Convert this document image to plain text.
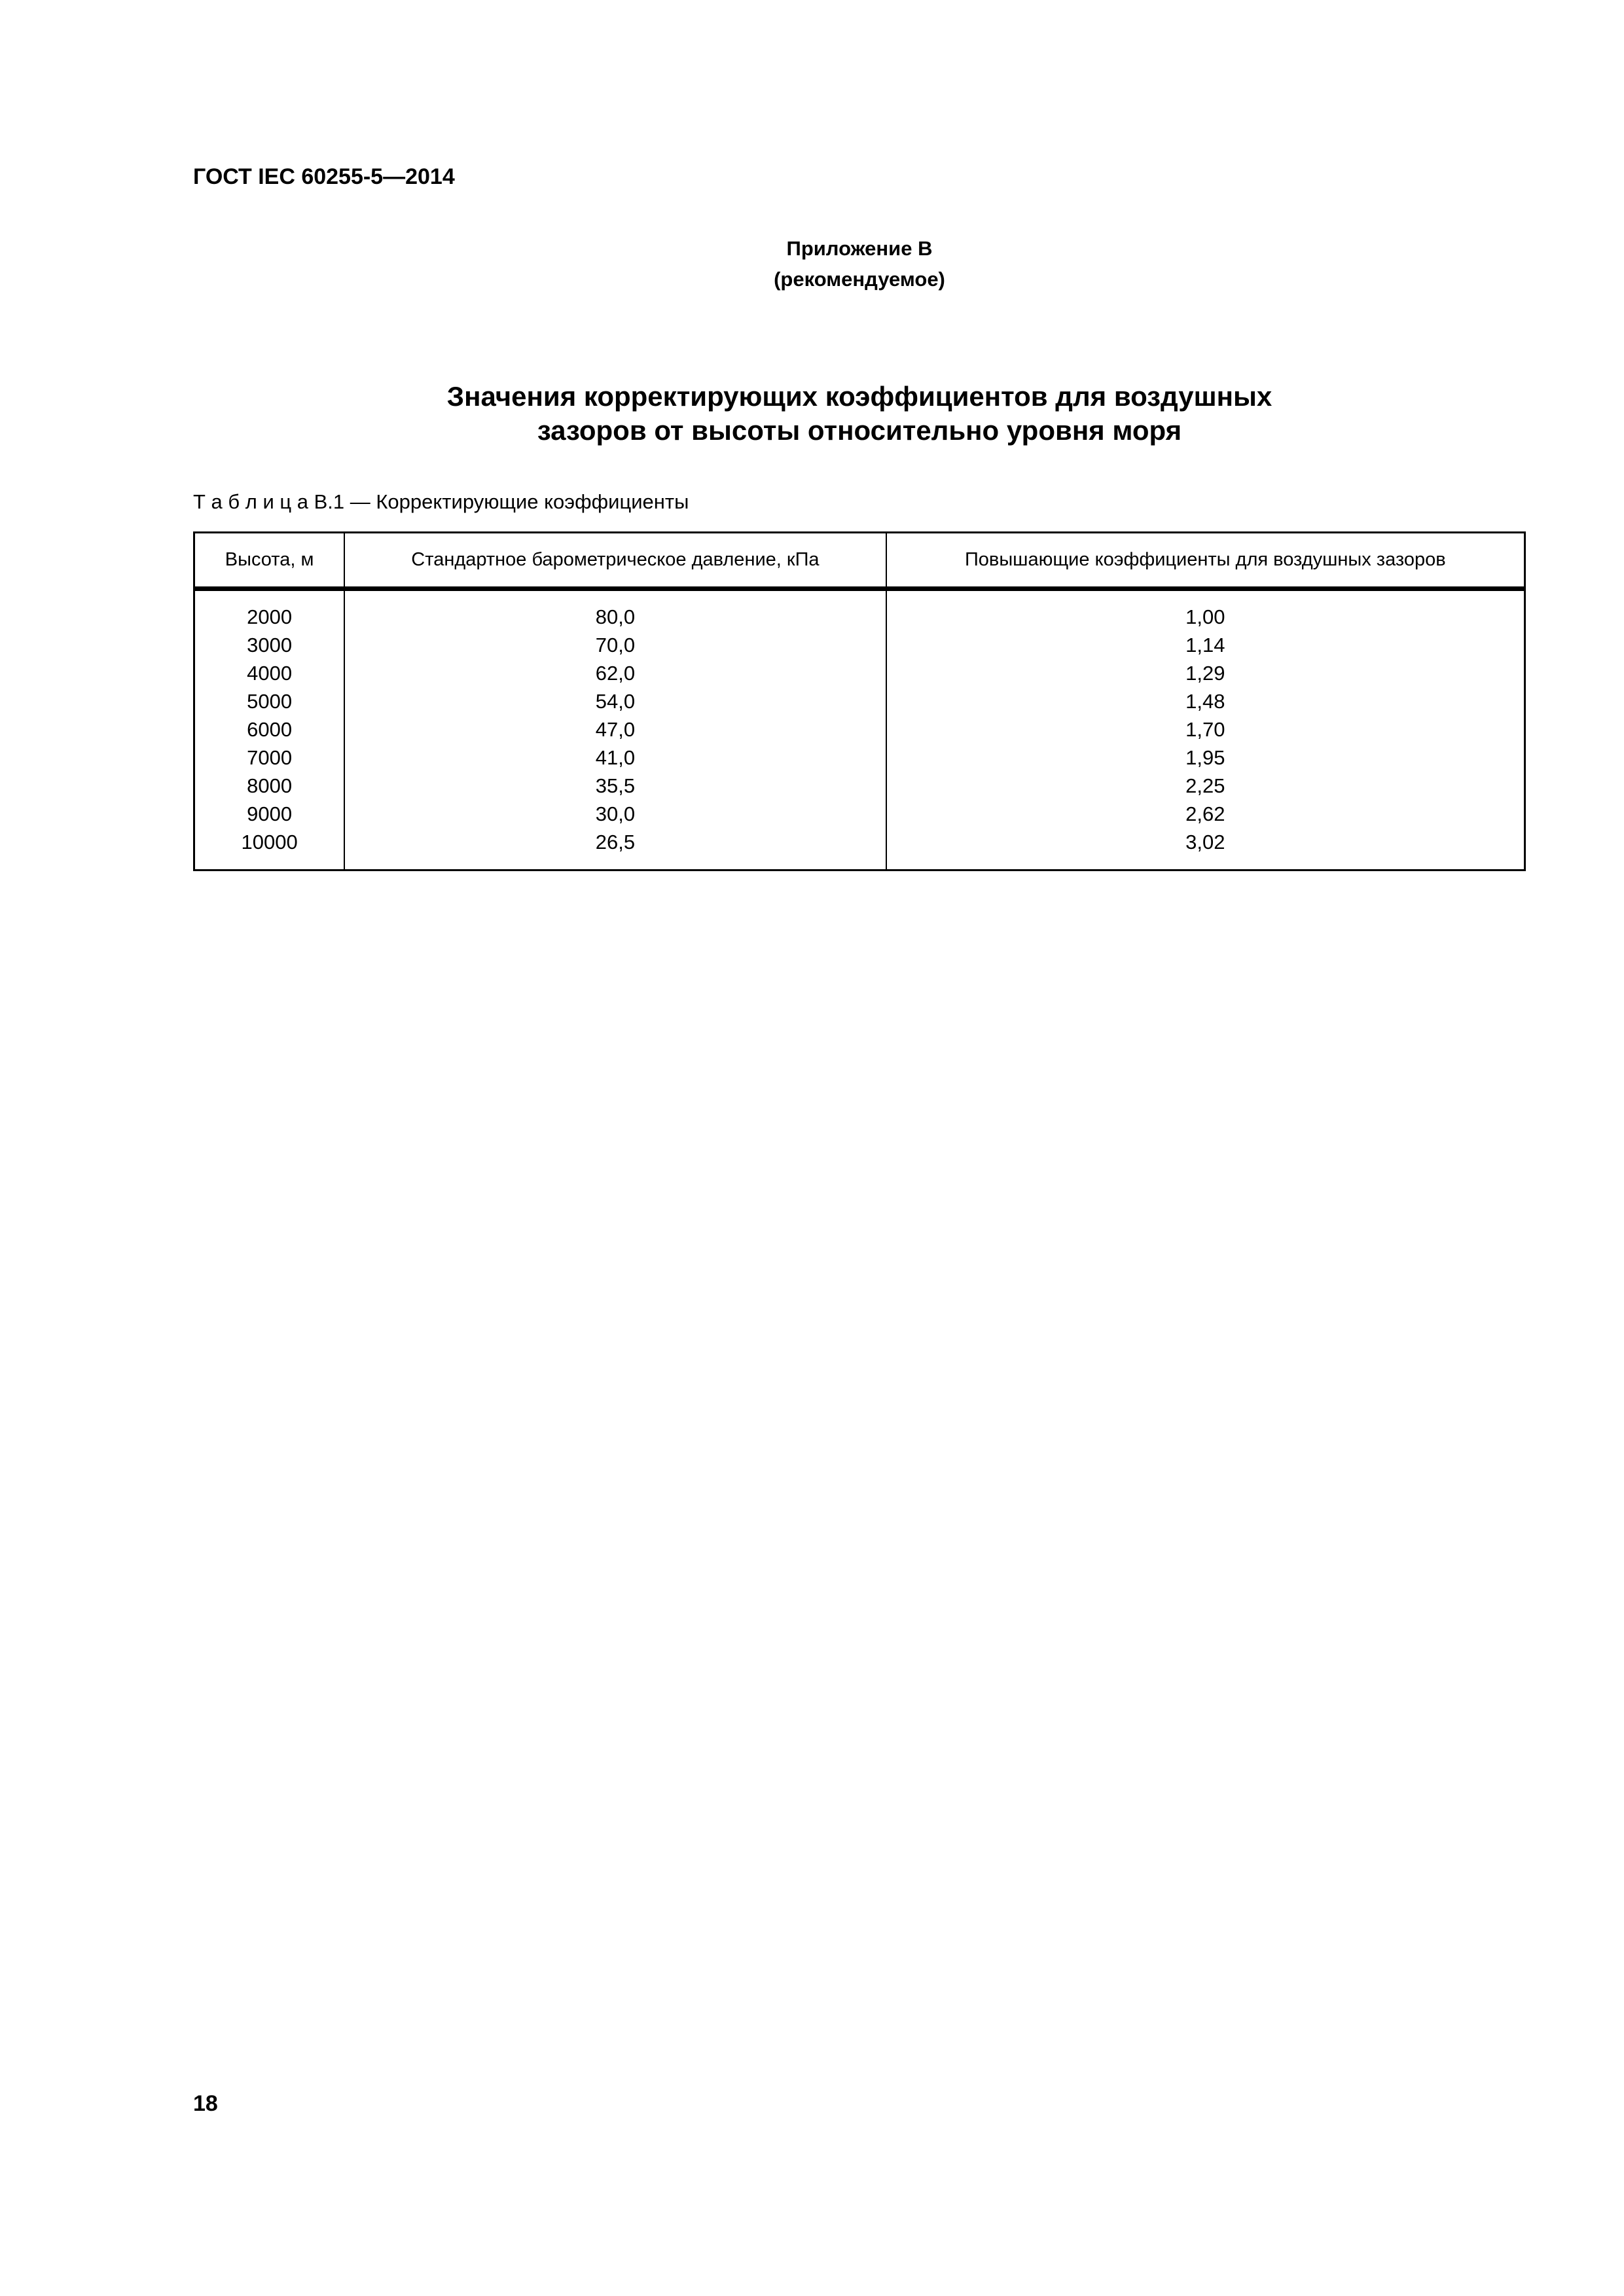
ГОСТ IEC 60255-5—2014
Приложение В
(рекомендуемое)
Значения корректирующих коэффициентов для воздушных
зазоров от высоты относительно уровня моря
Т а б л и ц а В.1 — Корректирующие коэффициенты
Высота, м	Стандартное барометрическое давление, кПа	Повышающие коэффициенты для воздушных зазоров
2000	80,0	1,00
3000	70,0	1,14
4000	62,0	1,29
5000	54,0	1,48
6000	47,0	1,70
7000	41,0	1,95
8000	35,5	2,25
9000	30,0	2,62
10000	26,5	3,02
18
